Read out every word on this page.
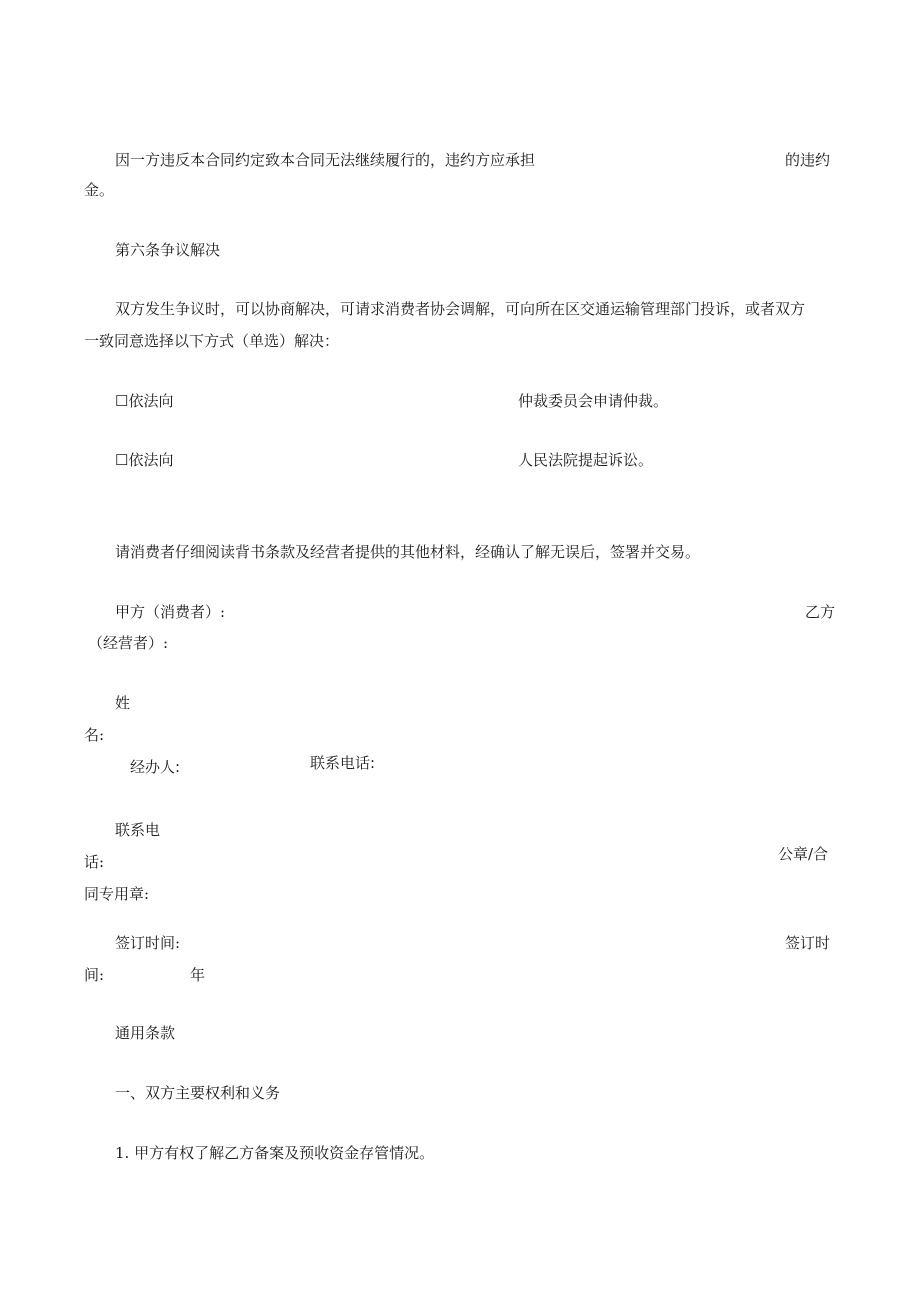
因一方违反本合同约定致本合同无法继续履行的，违约方应承担	的违约
金。
第六条争议解决
双方发生争议时，可以协商解决，可请求消费者协会调解，可向所在区交通运输管理部门投诉，或者双方
一致同意选择以下方式（单选）解决：
☐依法向	仲裁委员会申请仲裁。
☐依法向	人民法院提起诉讼。
请消费者仔细阅读背书条款及经营者提供的其他材料，经确认了解无误后，签署并交易。
甲方（消费者）:	乙方
（经营者）:
姓
名:
经办人:	联系电话:
联系电
话:	公章/合
同专用章:
签订时间:	签订时
间:	年
通用条款
一、双方主要权利和义务
1. 甲方有权了解乙方备案及预收资金存管情况。
